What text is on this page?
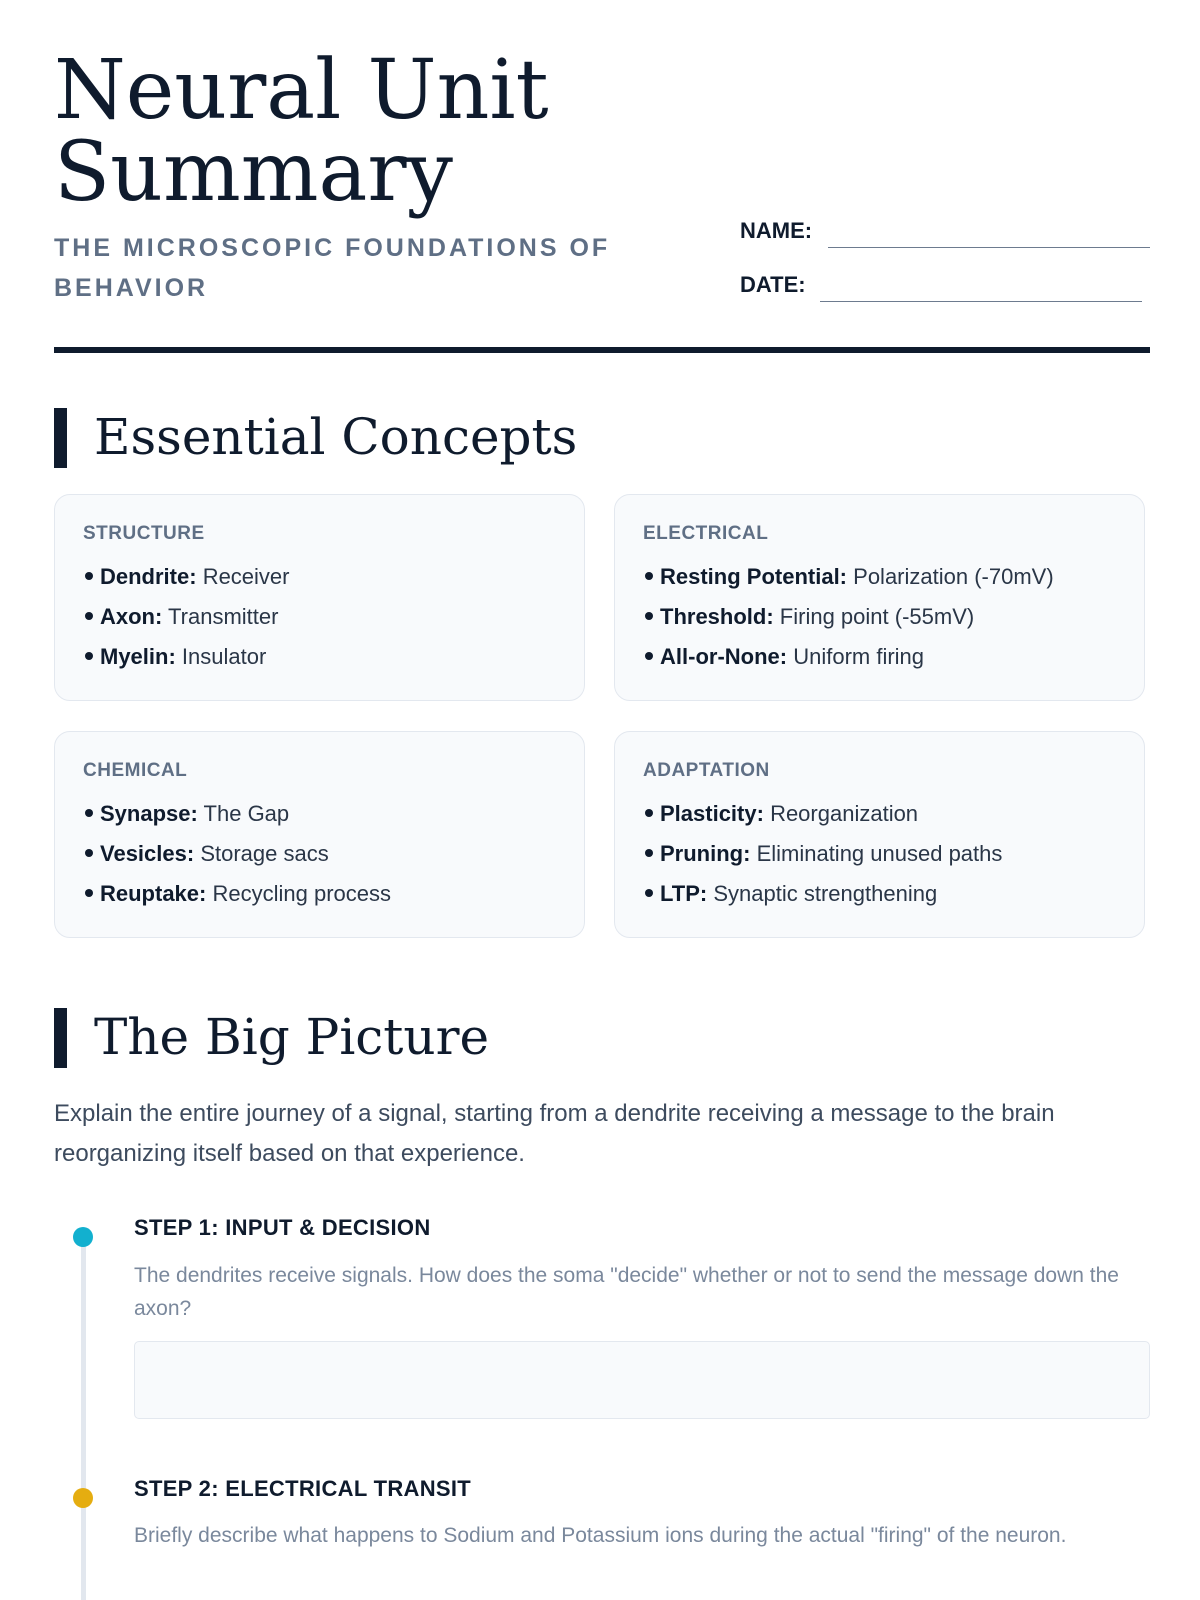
Neural Unit
Summary
THE MICROSCOPIC FOUNDATIONS OF BEHAVIOR
NAME:
DATE:
Essential Concepts
STRUCTURE
Dendrite: Receiver
Axon: Transmitter
Myelin: Insulator
ELECTRICAL
Resting Potential: Polarization (-70mV)
Threshold: Firing point (-55mV)
All-or-None: Uniform firing
CHEMICAL
Synapse: The Gap
Vesicles: Storage sacs
Reuptake: Recycling process
ADAPTATION
Plasticity: Reorganization
Pruning: Eliminating unused paths
LTP: Synaptic strengthening
The Big Picture
Explain the entire journey of a signal, starting from a dendrite receiving a message to the brain reorganizing itself based on that experience.
STEP 1: INPUT & DECISION
The dendrites receive signals. How does the soma "decide" whether or not to send the message down the axon?
STEP 2: ELECTRICAL TRANSIT
Briefly describe what happens to Sodium and Potassium ions during the actual "firing" of the neuron.
